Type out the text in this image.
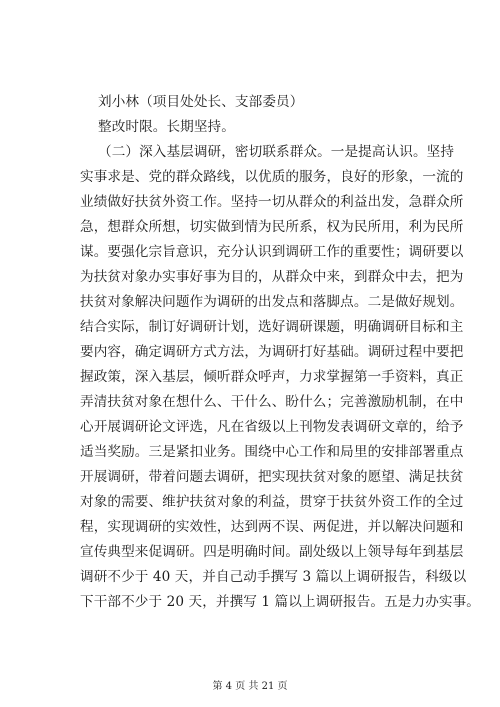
刘小林（项目处处长、支部委员）
整改时限。长期坚持。
（二）深入基层调研，密切联系群众。一是提高认识。坚持
实事求是、党的群众路线，以优质的服务，良好的形象，一流的
业绩做好扶贫外资工作。坚持一切从群众的利益出发，急群众所
急，想群众所想，切实做到情为民所系，权为民所用，利为民所
谋。要强化宗旨意识，充分认识到调研工作的重要性；调研要以
为扶贫对象办实事好事为目的，从群众中来，到群众中去，把为
扶贫对象解决问题作为调研的出发点和落脚点。二是做好规划。
结合实际，制订好调研计划，选好调研课题，明确调研目标和主
要内容，确定调研方式方法，为调研打好基础。调研过程中要把
握政策，深入基层，倾听群众呼声，力求掌握第一手资料，真正
弄清扶贫对象在想什么、干什么、盼什么；完善激励机制，在中
心开展调研论文评选，凡在省级以上刊物发表调研文章的，给予
适当奖励。三是紧扣业务。围绕中心工作和局里的安排部署重点
开展调研，带着问题去调研，把实现扶贫对象的愿望、满足扶贫
对象的需要、维护扶贫对象的利益，贯穿于扶贫外资工作的全过
程，实现调研的实效性，达到两不误、两促进，并以解决问题和
宣传典型来促调研。四是明确时间。副处级以上领导每年到基层
调研不少于 40 天，并自己动手撰写 3 篇以上调研报告，科级以
下干部不少于 20 天，并撰写 1 篇以上调研报告。五是力办实事。
第 4 页 共 21 页
